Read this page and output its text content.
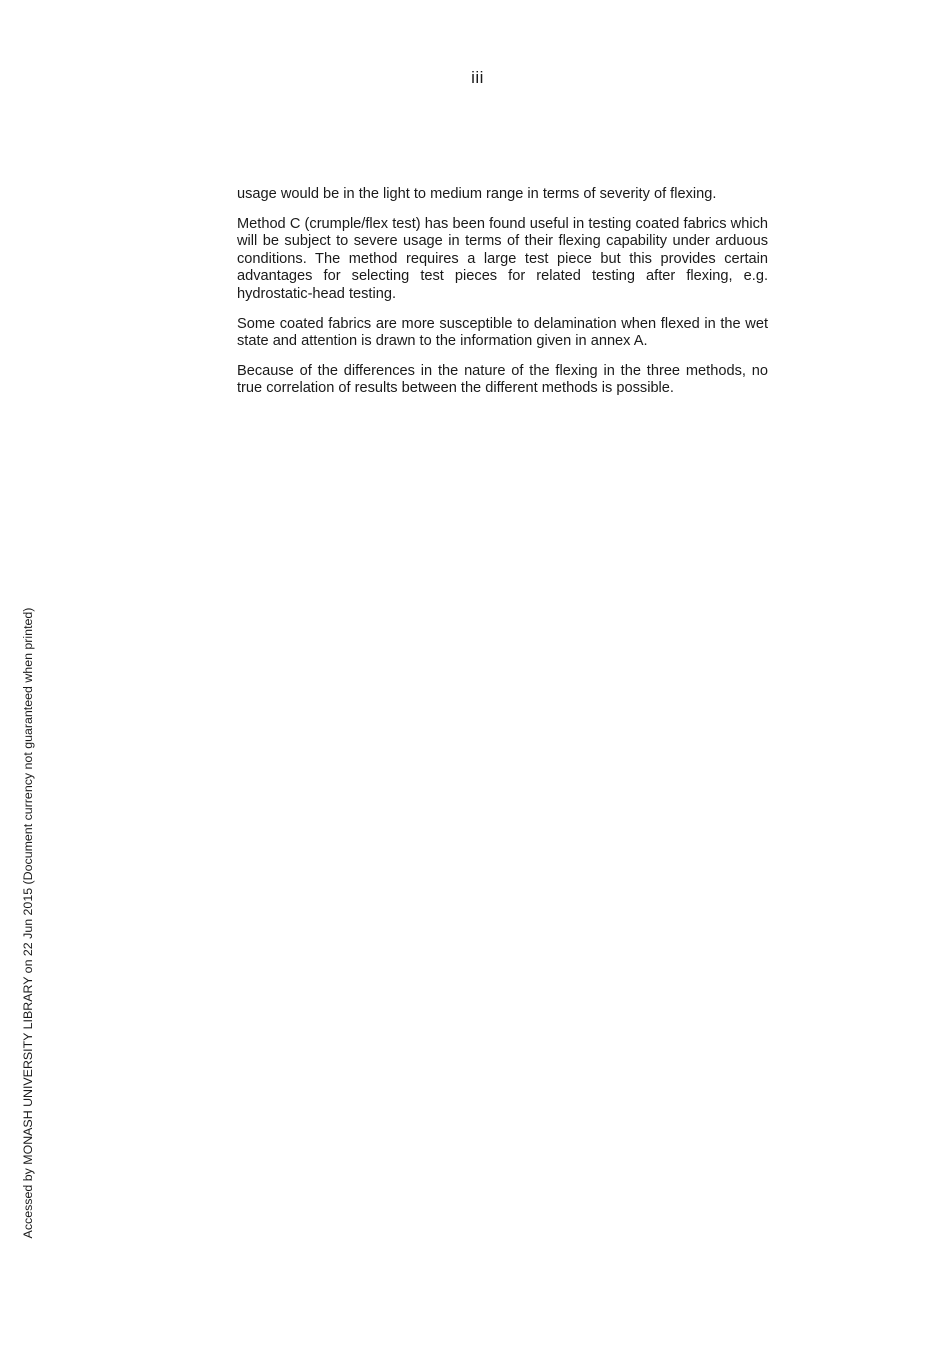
iii

usage would be in the light to medium range in terms of severity of flexing.

Method C (crumple/flex test) has been found useful in testing coated fabrics which will be subject to severe usage in terms of their flexing capability under arduous conditions. The method requires a large test piece but this provides certain advantages for selecting test pieces for related testing after flexing, e.g. hydrostatic-head testing.

Some coated fabrics are more susceptible to delamination when flexed in the wet state and attention is drawn to the information given in annex A.

Because of the differences in the nature of the flexing in the three methods, no true correlation of results between the different methods is possible.

Accessed by MONASH UNIVERSITY LIBRARY on 22 Jun 2015 (Document currency not guaranteed when printed)
